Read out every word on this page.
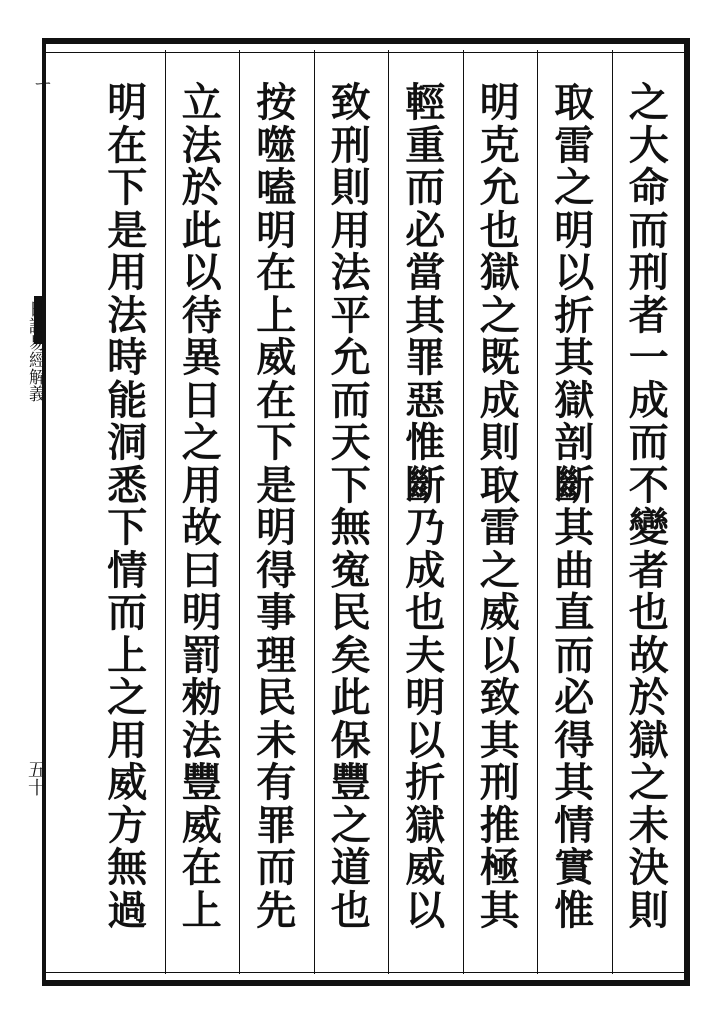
ㄧ
日講易經解義
五十
之
大
命
而
刑
者
一
成
而
不
變
者
也
故
於
獄
之
未
決
則
取
雷
之
明
以
折
其
獄
剖
斷
其
曲
直
而
必
得
其
情
實
惟
明
克
允
也
獄
之
既
成
則
取
雷
之
威
以
致
其
刑
推
極
其
輕
重
而
必
當
其
罪
惡
惟
斷
乃
成
也
夫
明
以
折
獄
威
以
致
刑
則
用
法
平
允
而
天
下
無
寃
民
矣
此
保
豐
之
道
也
按
噬
嗑
明
在
上
威
在
下
是
明
得
事
理
民
未
有
罪
而
先
立
法
於
此
以
待
異
日
之
用
故
曰
明
罰
勑
法
豐
威
在
上
明
在
下
是
用
法
時
能
洞
悉
下
情
而
上
之
用
威
方
無
過
